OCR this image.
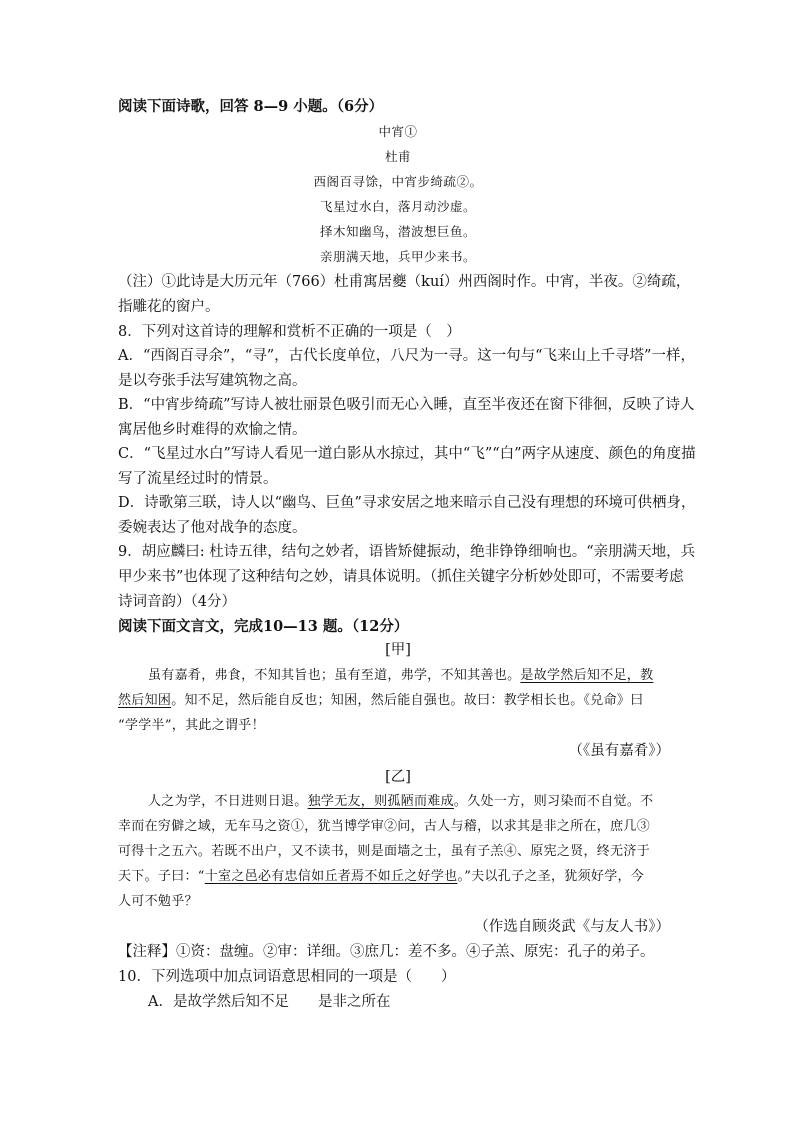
阅读下面诗歌，回答 8—9 小题。（6分）
中宵①
杜甫
西阁百寻馀，中宵步绮疏②。
飞星过水白，落月动沙虚。
择木知幽鸟，潜波想巨鱼。
亲朋满天地，兵甲少来书。
（注）①此诗是大历元年（766）杜甫寓居夔（kuí）州西阁时作。中宵，半夜。②绮疏，
指雕花的窗户。
8．下列对这首诗的理解和赏析不正确的一项是（　）
A．“西阁百寻余”，“寻”，古代长度单位，八尺为一寻。这一句与“飞来山上千寻塔”一样，
是以夸张手法写建筑物之高。
B．“中宵步绮疏”写诗人被壮丽景色吸引而无心入睡，直至半夜还在窗下徘徊，反映了诗人
寓居他乡时难得的欢愉之情。
C．“飞星过水白”写诗人看见一道白影从水掠过，其中“飞”“白”两字从速度、颜色的角度描
写了流星经过时的情景。
D．诗歌第三联，诗人以“幽鸟、巨鱼”寻求安居之地来暗示自己没有理想的环境可供栖身，
委婉表达了他对战争的态度。
9．胡应麟曰: 杜诗五律，结句之妙者，语皆矫健振动，绝非铮铮细响也。“亲朋满天地，兵
甲少来书”也体现了这种结句之妙，请具体说明。（抓住关键字分析妙处即可，不需要考虑
诗词音韵）（4分）
阅读下面文言文，完成10—13 题。（12分）
[甲]
虽有嘉肴，弗食，不知其旨也；虽有至道，弗学，不知其善也。是故学然后知不足，教
然后知困。知不足，然后能自反也；知困，然后能自强也。故曰：教学相长也。《兑命》曰
“学学半”，其此之谓乎！
（《虽有嘉肴》）
[乙]
人之为学，不日进则日退。独学无友，则孤陋而难成。久处一方，则习染而不自觉。不
幸而在穷僻之域，无车马之资①，犹当博学审②问，古人与稽，以求其是非之所在，庶几③
可得十之五六。若既不出户，又不读书，则是面墙之士，虽有子羔④、原宪之贤，终无济于
天下。子曰：“十室之邑必有忠信如丘者焉不如丘之好学也。”夫以孔子之圣，犹须好学，今
人可不勉乎？
（作选自顾炎武《与友人书》）
【注释】①资：盘缠。②审：详细。③庶几：差不多。④子羔、原宪：孔子的弟子。
10．下列选项中加点词语意思相同的一项是（　　）
A．是故学然后知不足　　是非之所在
